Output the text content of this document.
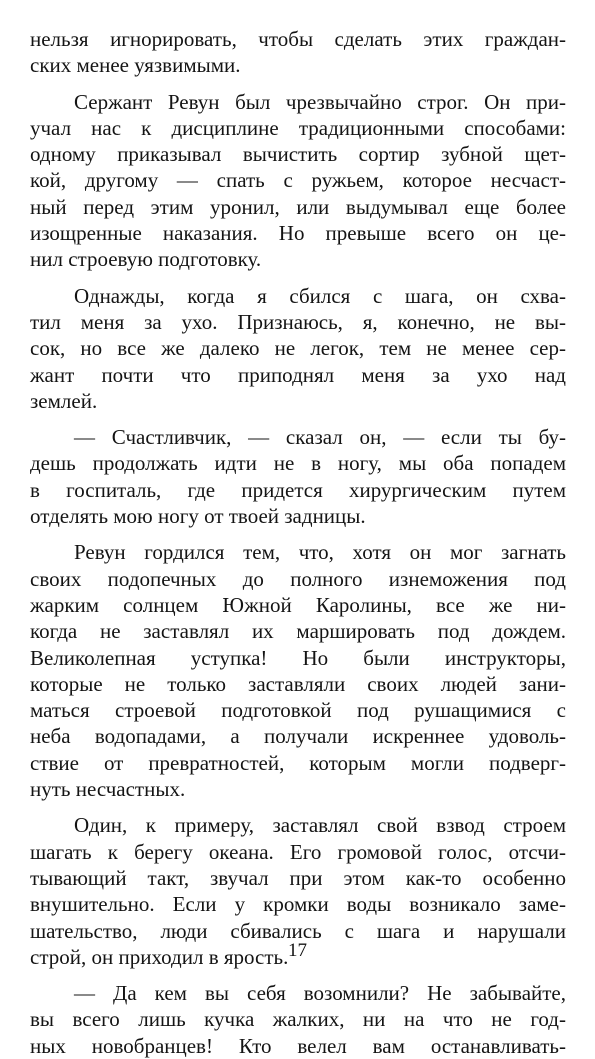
нельзя игнорировать, чтобы сделать этих граждан-
ских менее уязвимыми.

Сержант Ревун был чрезвычайно строг. Он при-
учал нас к дисциплине традиционными способами:
одному приказывал вычистить сортир зубной щет-
кой, другому — спать с ружьем, которое несчаст-
ный перед этим уронил, или выдумывал еще более
изощренные наказания. Но превыше всего он це-
нил строевую подготовку.

Однажды, когда я сбился с шага, он схва-
тил меня за ухо. Признаюсь, я, конечно, не вы-
сок, но все же далеко не легок, тем не менее сер-
жант почти что приподнял меня за ухо над
землей.

— Счастливчик, — сказал он, — если ты бу-
дешь продолжать идти не в ногу, мы оба попадем
в госпиталь, где придется хирургическим путем
отделять мою ногу от твоей задницы.

Ревун гордился тем, что, хотя он мог загнать
своих подопечных до полного изнеможения под
жарким солнцем Южной Каролины, все же ни-
когда не заставлял их маршировать под дождем.
Великолепная уступка! Но были инструкторы,
которые не только заставляли своих людей зани-
маться строевой подготовкой под рушащимися с
неба водопадами, а получали искреннее удоволь-
ствие от превратностей, которым могли подверг-
нуть несчастных.

Один, к примеру, заставлял свой взвод строем
шагать к берегу океана. Его громовой голос, отсчи-
тывающий такт, звучал при этом как-то особенно
внушительно. Если у кромки воды возникало заме-
шательство, люди сбивались с шага и нарушали
строй, он приходил в ярость.

— Да кем вы себя возомнили? Не забывайте,
вы всего лишь кучка жалких, ни на что не год-
ных новобранцев! Кто велел вам останавливать-

17
